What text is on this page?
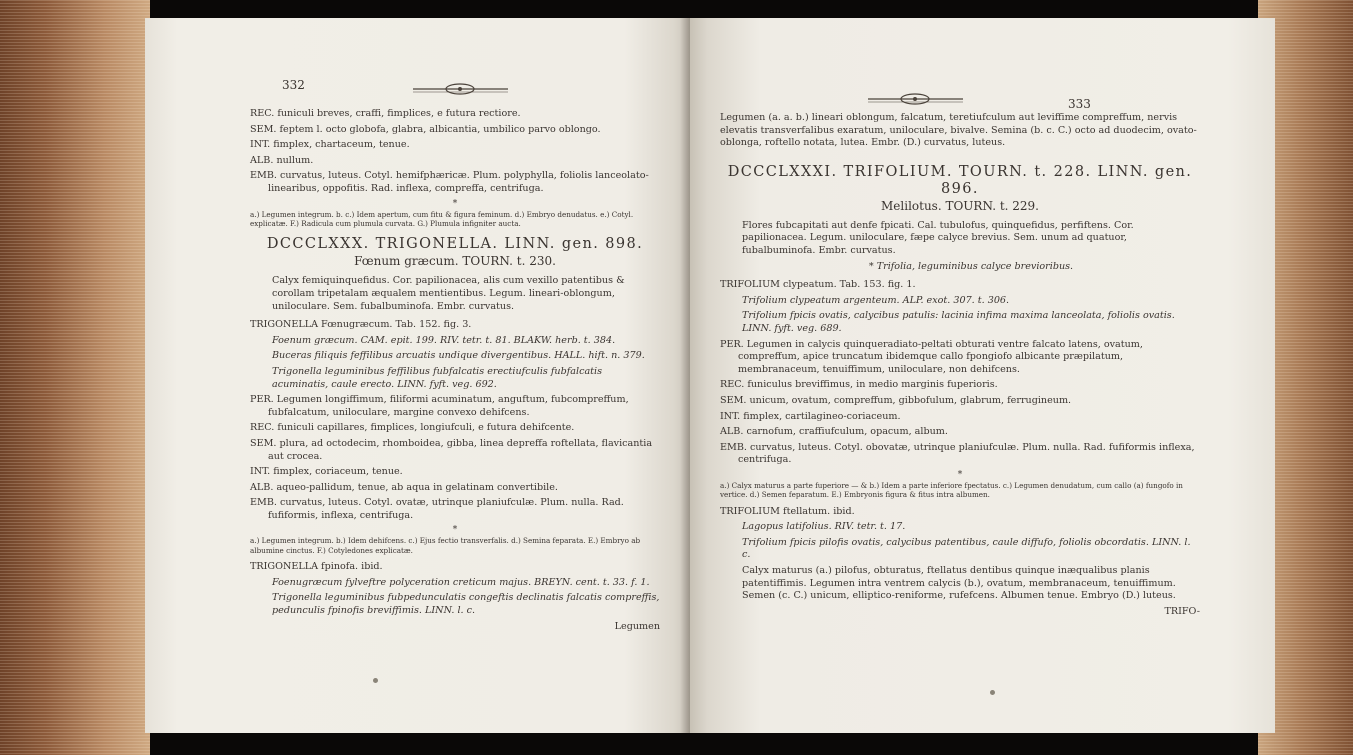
332

REC. funiculi breves, craffi, fimplices, e futura rectiore.

SEM. feptem l. octo globofa, glabra, albicantia, umbilico parvo oblongo.

INT. fimplex, chartaceum, tenue.

ALB. nullum.

EMB. curvatus, luteus. Cotyl. hemifphæricæ. Plum. polyphylla, foliolis lanceolato-linearibus, oppofitis. Rad. inflexa, compreffa, centrifuga.

*

a.) Legumen integrum. b. c.) Idem apertum, cum fitu & figura feminum. d.) Embryo denudatus. e.) Cotyl. explicatæ. F.) Radicula cum plumula curvata. G.) Plumula infigniter aucta.

DCCCLXXX. TRIGONELLA. LINN. gen. 898.
Fœnum græcum. TOURN. t. 230.

Calyx femiquinquefidus. Cor. papilionacea, alis cum vexillo patentibus & corollam tripetalam æqualem mentientibus. Legum. lineari-oblongum, uniloculare. Sem. fubalbuminofa. Embr. curvatus.

TRIGONELLA Fœnugræcum. Tab. 152. fig. 3.

Foenum græcum. CAM. epit. 199. RIV. tetr. t. 81. BLAKW. herb. t. 384.

Buceras filiquis feffilibus arcuatis undique divergentibus. HALL. hift. n. 379.

Trigonella leguminibus feffilibus fubfalcatis erectiufculis fubfalcatis acuminatis, caule erecto. LINN. fyft. veg. 692.

PER. Legumen longiffimum, filiformi acuminatum, anguftum, fubcompreffum, fubfalcatum, uniloculare, margine convexo dehifcens.

REC. funiculi capillares, fimplices, longiufculi, e futura dehifcente.

SEM. plura, ad octodecim, rhomboidea, gibba, linea depreffa roftellata, flavicantia aut crocea.

INT. fimplex, coriaceum, tenue.

ALB. aqueo-pallidum, tenue, ab aqua in gelatinam convertibile.

EMB. curvatus, luteus. Cotyl. ovatæ, utrinque planiufculæ. Plum. nulla. Rad. fufiformis, inflexa, centrifuga.

*

a.) Legumen integrum. b.) Idem dehifcens. c.) Ejus fectio transverfalis. d.) Semina feparata. E.) Embryo ab albumine cinctus. F.) Cotyledones explicatæ.

TRIGONELLA fpinofa. ibid.

Foenugræcum fylveftre polyceration creticum majus. BREYN. cent. t. 33. f. 1.

Trigonella leguminibus fubpedunculatis congeftis declinatis falcatis compreffis, pedunculis fpinofis breviffimis. LINN. l. c.

Legumen

333

Legumen (a. a. b.) lineari oblongum, falcatum, teretiufculum aut leviffime compreffum, nervis elevatis transverfalibus exaratum, uniloculare, bivalve. Semina (b. c. C.) octo ad duodecim, ovato-oblonga, roftello notata, lutea. Embr. (D.) curvatus, luteus.

DCCCLXXXI. TRIFOLIUM. TOURN. t. 228. LINN. gen. 896.
Melilotus. TOURN. t. 229.

Flores fubcapitati aut denfe fpicati. Cal. tubulofus, quinquefidus, perfiftens. Cor. papilionacea. Legum. uniloculare, fæpe calyce brevius. Sem. unum ad quatuor, fubalbuminofa. Embr. curvatus.

* Trifolia, leguminibus calyce brevioribus.

TRIFOLIUM clypeatum. Tab. 153. fig. 1.

Trifolium clypeatum argenteum. ALP. exot. 307. t. 306.

Trifolium fpicis ovatis, calycibus patulis: lacinia infima maxima lanceolata, foliolis ovatis. LINN. fyft. veg. 689.

PER. Legumen in calycis quinqueradiato-peltati obturati ventre falcato latens, ovatum, compreffum, apice truncatum ibidemque callo fpongiofo albicante præpilatum, membranaceum, tenuiffimum, uniloculare, non dehifcens.

REC. funiculus breviffimus, in medio marginis fuperioris.

SEM. unicum, ovatum, compreffum, gibbofulum, glabrum, ferrugineum.

INT. fimplex, cartilagineo-coriaceum.

ALB. carnofum, craffiufculum, opacum, album.

EMB. curvatus, luteus. Cotyl. obovatæ, utrinque planiufculæ. Plum. nulla. Rad. fufiformis inflexa, centrifuga.

*

a.) Calyx maturus a parte fuperiore — & b.) Idem a parte inferiore fpectatus. c.) Legumen denudatum, cum callo (a) fungofo in vertice. d.) Semen feparatum. E.) Embryonis figura & fitus intra albumen.

TRIFOLIUM ftellatum. ibid.

Lagopus latifolius. RIV. tetr. t. 17.

Trifolium fpicis pilofis ovatis, calycibus patentibus, caule diffufo, foliolis obcordatis. LINN. l. c.

Calyx maturus (a.) pilofus, obturatus, ftellatus dentibus quinque inæqualibus planis patentiffimis. Legumen intra ventrem calycis (b.), ovatum, membranaceum, tenuiffimum. Semen (c. C.) unicum, elliptico-reniforme, rufefcens. Albumen tenue. Embryo (D.) luteus.

TRIFO-
